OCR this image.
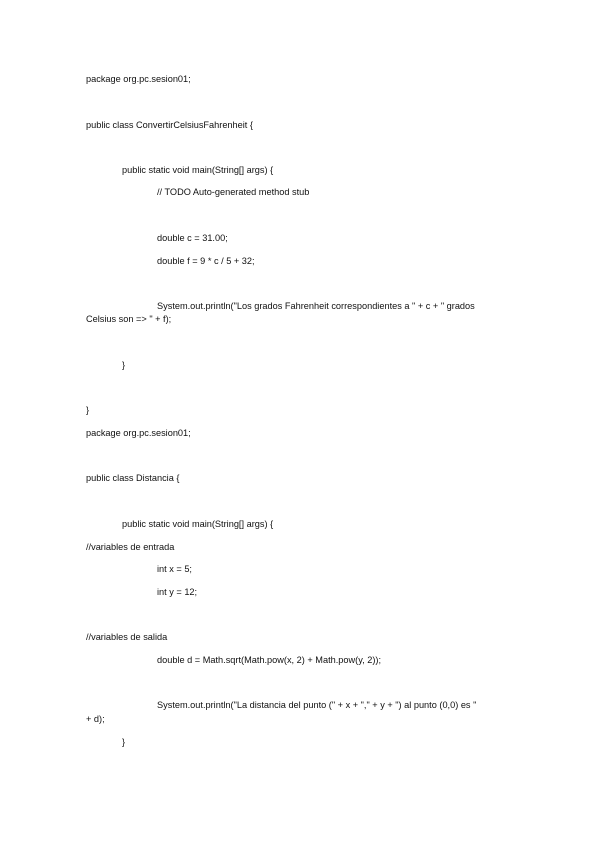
package org.pc.sesion01;
public class ConvertirCelsiusFahrenheit {
public static void main(String[] args) {
// TODO Auto-generated method stub
double c = 31.00;
double f = 9 * c / 5 + 32;
System.out.println("Los grados Fahrenheit correspondientes a " + c + " grados
Celsius son => " + f);
}
}
package org.pc.sesion01;
public class Distancia {
public static void main(String[] args) {
//variables de entrada
int x = 5;
int y = 12;
//variables de salida
double d = Math.sqrt(Math.pow(x, 2) + Math.pow(y, 2));
System.out.println("La distancia del punto (" + x + "," + y + ") al punto (0,0) es "
+ d);
}
